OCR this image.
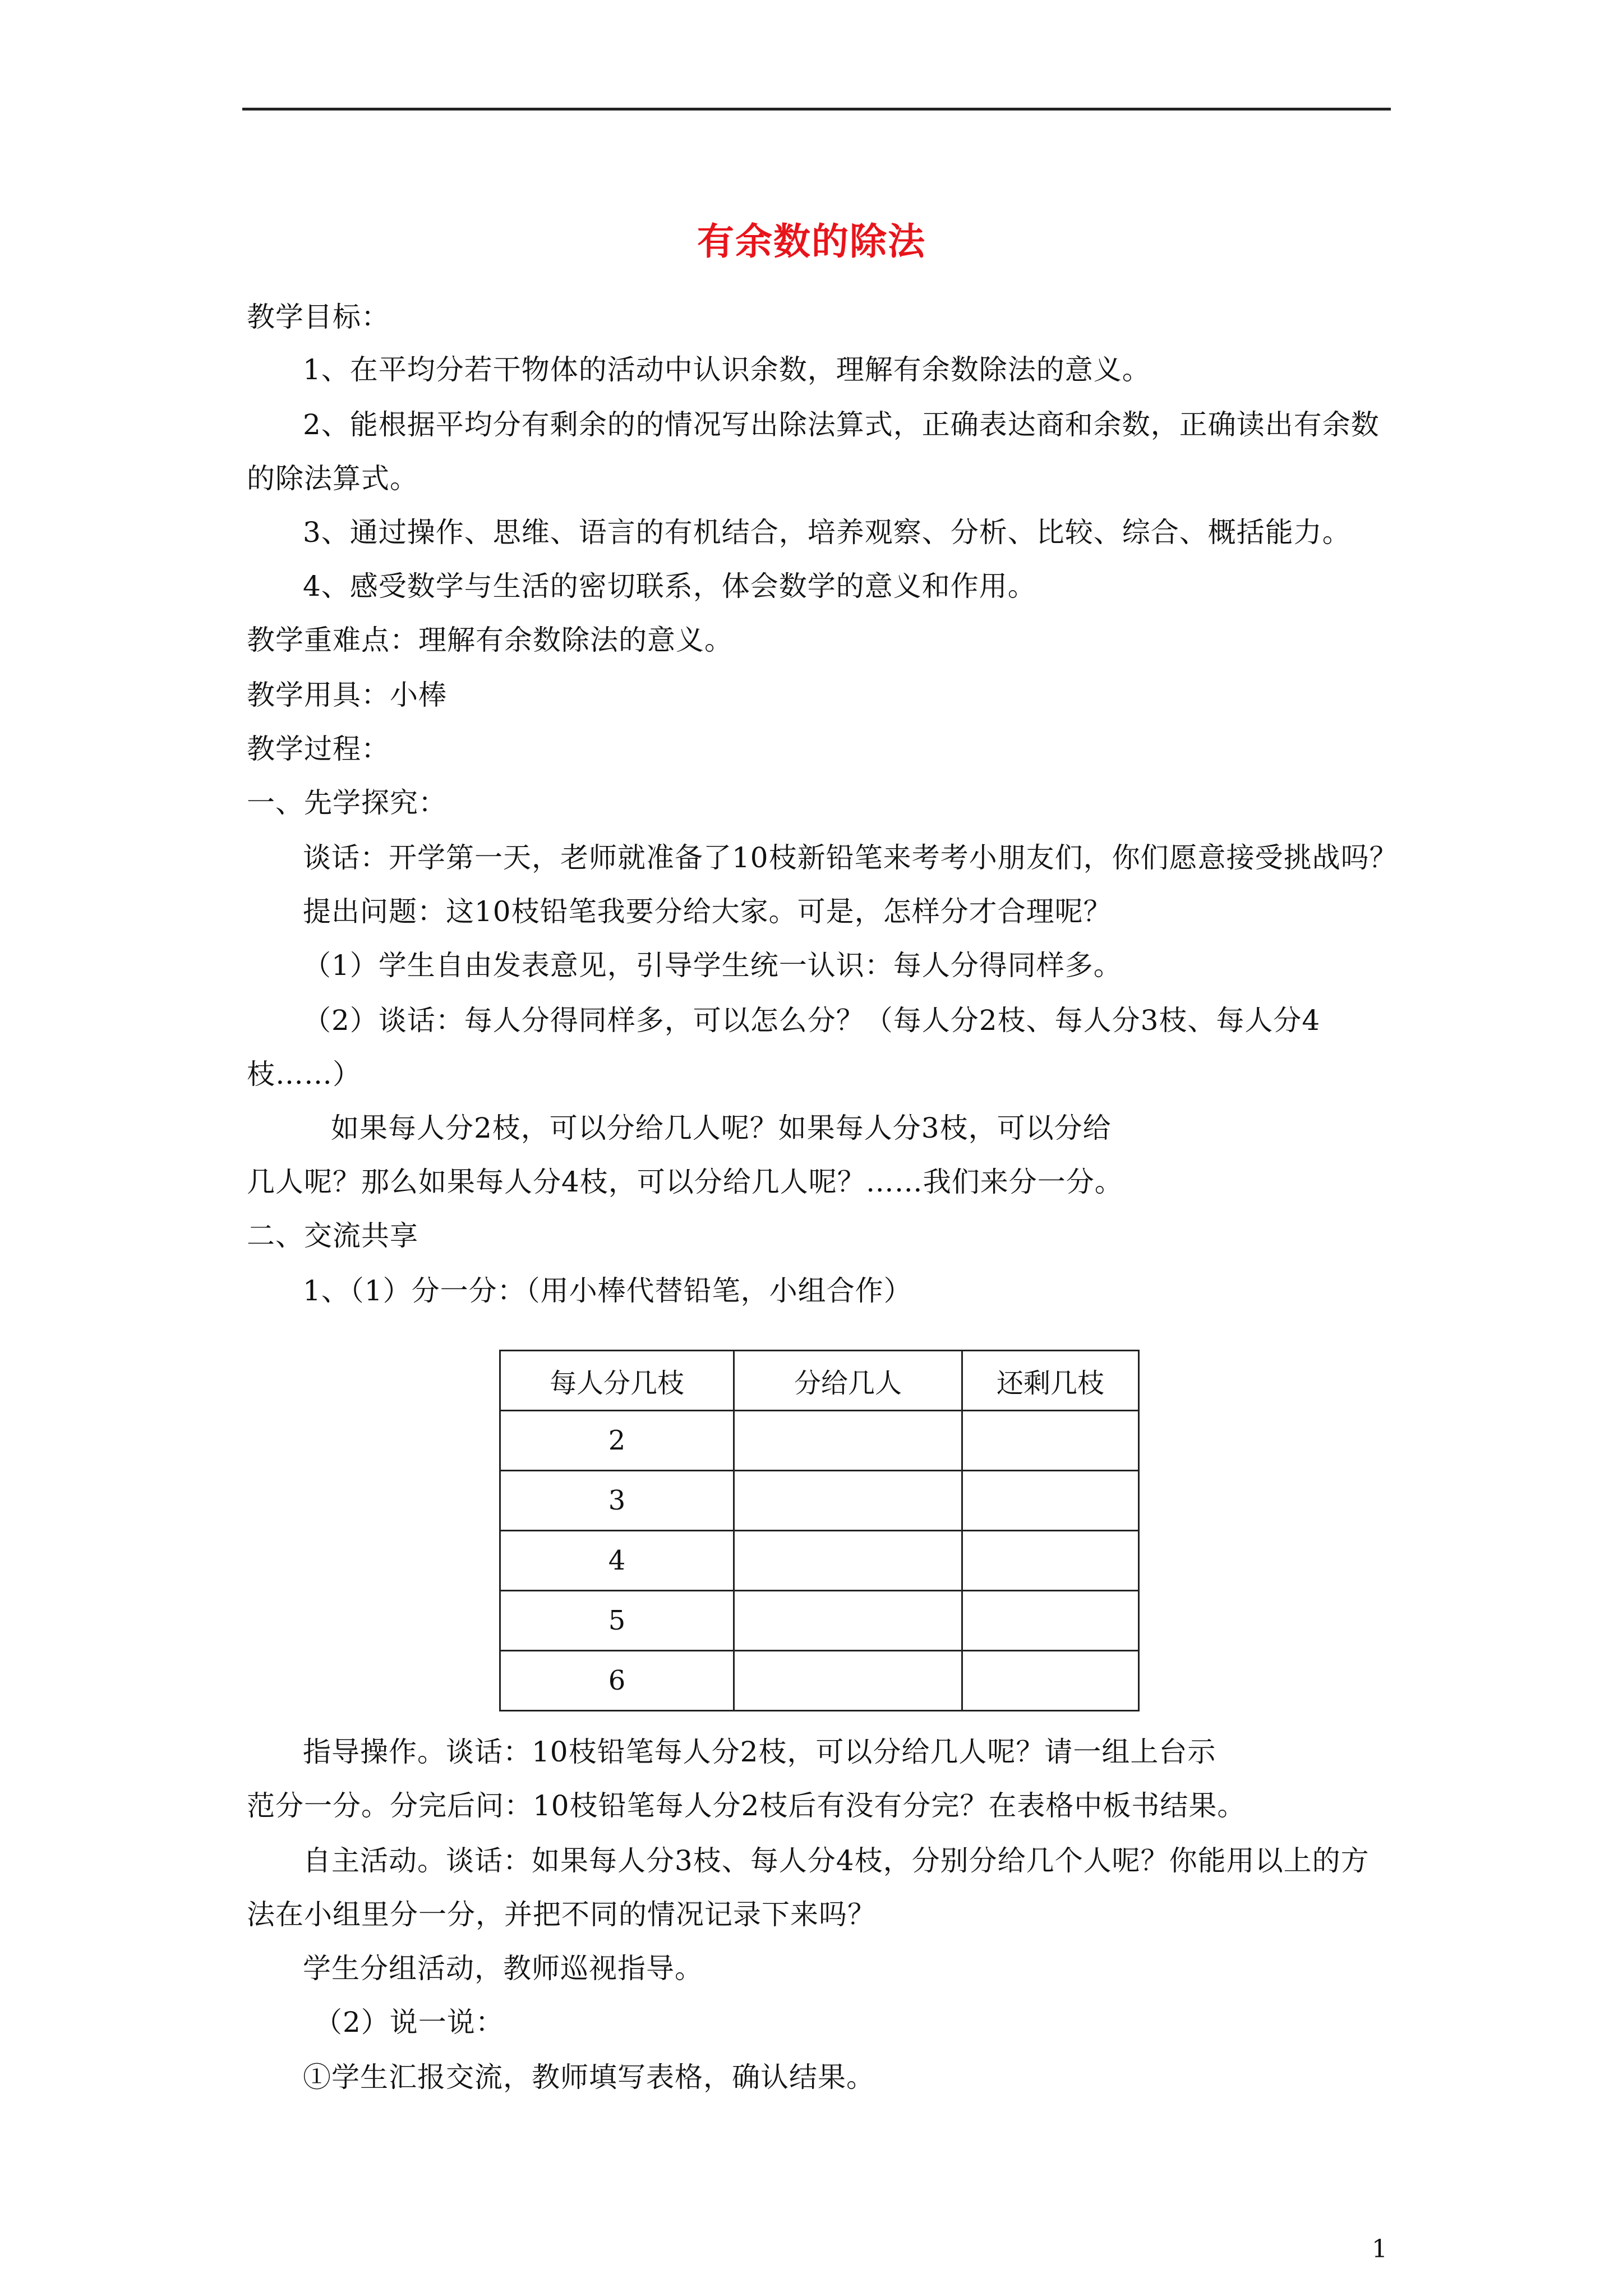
有余数的除法
教学目标：
1、在平均分若干物体的活动中认识余数，理解有余数除法的意义。
2、能根据平均分有剩余的的情况写出除法算式，正确表达商和余数，正确读出有余数
的除法算式。
3、通过操作、思维、语言的有机结合，培养观察、分析、比较、综合、概括能力。
4、感受数学与生活的密切联系，体会数学的意义和作用。
教学重难点：理解有余数除法的意义。
教学用具：小棒
教学过程：
一、先学探究：
谈话：开学第一天，老师就准备了10枝新铅笔来考考小朋友们，你们愿意接受挑战吗？
提出问题：这10枝铅笔我要分给大家。可是，怎样分才合理呢？
（1）学生自由发表意见，引导学生统一认识：每人分得同样多。
（2）谈话：每人分得同样多，可以怎么分？（每人分2枝、每人分3枝、每人分4
枝……）
如果每人分2枝，可以分给几人呢？如果每人分3枝，可以分给
几人呢？那么如果每人分4枝，可以分给几人呢？……我们来分一分。
二、交流共享
1、（1）分一分：（用小棒代替铅笔，小组合作）
每人分几枝	分给几人	还剩几枝
2		
3		
4		
5		
6		
指导操作。谈话：10枝铅笔每人分2枝，可以分给几人呢？请一组上台示
范分一分。分完后问：10枝铅笔每人分2枝后有没有分完？在表格中板书结果。
自主活动。谈话：如果每人分3枝、每人分4枝，分别分给几个人呢？你能用以上的方
法在小组里分一分，并把不同的情况记录下来吗？
学生分组活动，教师巡视指导。
（2）说一说：
①学生汇报交流，教师填写表格，确认结果。
1
